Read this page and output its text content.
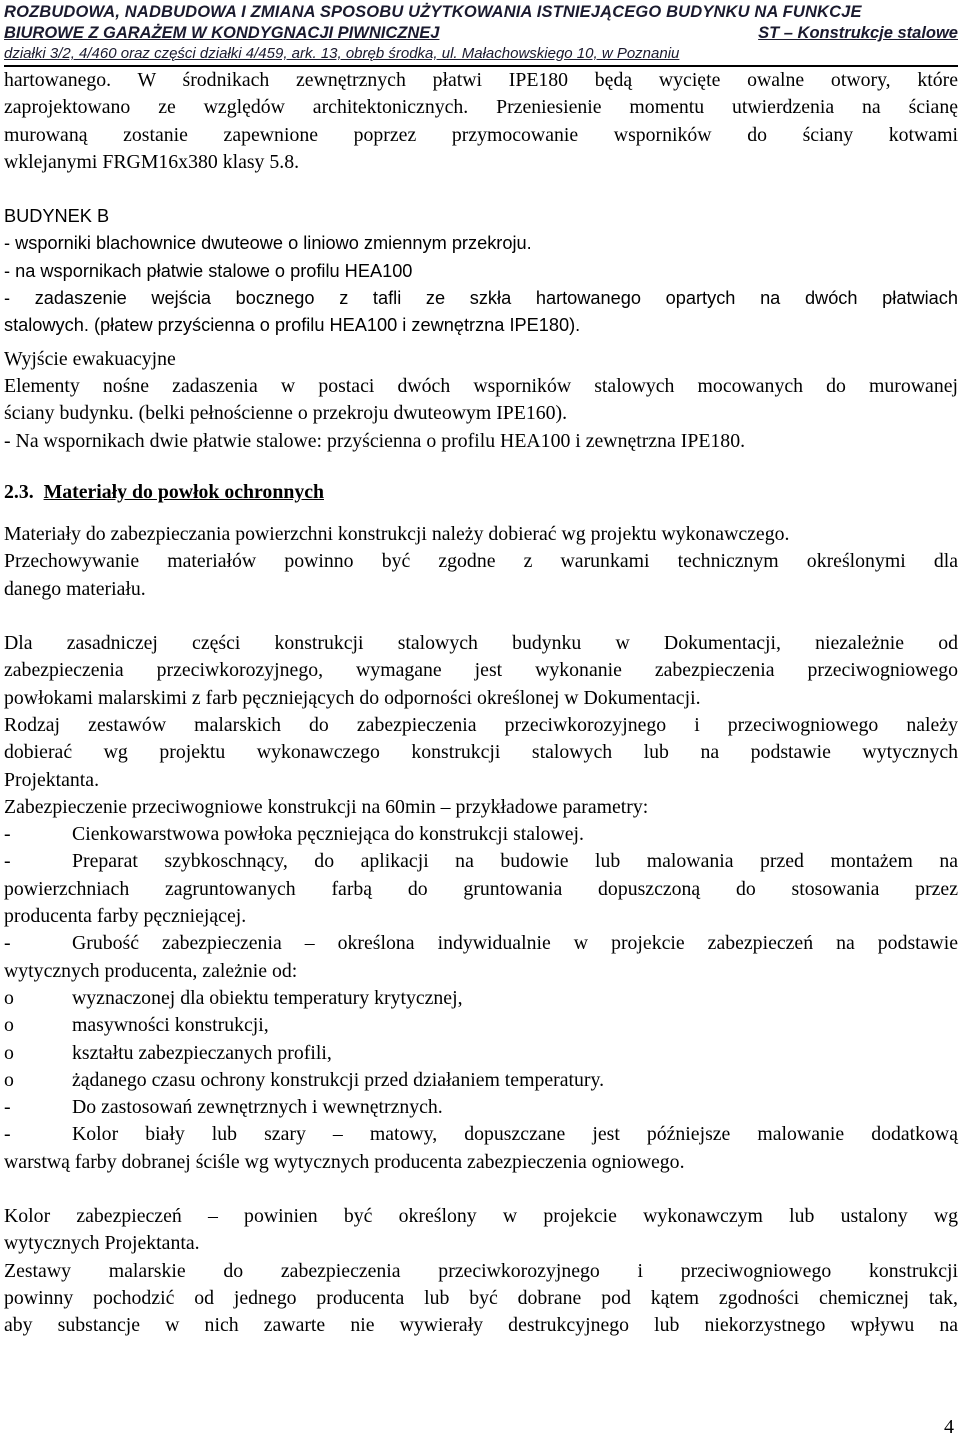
ROZBUDOWA, NADBUDOWA I ZMIANA SPOSOBU UŻYTKOWANIA ISTNIEJĄCEGO BUDYNKU NA FUNKCJE
BIUROWE Z GARAŻEM W KONDYGNACJI PIWNICZNEJ	ST – Konstrukcje stalowe
działki 3/2, 4/460 oraz części działki 4/459, ark. 13, obręb środka, ul. Małachowskiego 10, w Poznaniu

hartowanego. W środnikach zewnętrznych płatwi IPE180 będą wycięte owalne otwory, które

zaprojektowano ze względów architektonicznych. Przeniesienie momentu utwierdzenia na ścianę

murowaną zostanie zapewnione poprzez przymocowanie wsporników do ściany kotwami

wklejanymi FRGM16x380 klasy 5.8.

BUDYNEK B

- wsporniki blachownice dwuteowe o liniowo zmiennym przekroju.

- na wspornikach płatwie stalowe o profilu HEA100

- zadaszenie wejścia bocznego z tafli ze szkła hartowanego opartych na dwóch płatwiach

stalowych. (płatew przyścienna o profilu HEA100 i zewnętrzna IPE180).

Wyjście ewakuacyjne

Elementy nośne zadaszenia w postaci dwóch wsporników stalowych mocowanych do murowanej

ściany budynku. (belki pełnościenne o przekroju dwuteowym IPE160).

- Na wspornikach dwie płatwie stalowe: przyścienna o profilu HEA100 i zewnętrzna IPE180.

2.3. Materiały do powłok ochronnych

Materiały do zabezpieczania powierzchni konstrukcji należy dobierać wg projektu wykonawczego.

Przechowywanie materiałów powinno być zgodne z warunkami technicznym określonymi dla

danego materiału.

Dla zasadniczej części konstrukcji stalowych budynku w Dokumentacji, niezależnie od

zabezpieczenia przeciwkorozyjnego, wymagane jest wykonanie zabezpieczenia przeciwogniowego

powłokami malarskimi z farb pęczniejących do odporności określonej w Dokumentacji.

Rodzaj zestawów malarskich do zabezpieczenia przeciwkorozyjnego i przeciwogniowego należy

dobierać wg projektu wykonawczego konstrukcji stalowych lub na podstawie wytycznych

Projektanta.

Zabezpieczenie przeciwogniowe konstrukcji na 60min – przykładowe parametry:

-	Cienkowarstwowa powłoka pęczniejąca do konstrukcji stalowej.
-	Preparat szybkoschnący, do aplikacji na budowie lub malowania przed montażem na

powierzchniach zagruntowanych farbą do gruntowania dopuszczoną do stosowania przez

producenta farby pęczniejącej.

-	Grubość zabezpieczenia – określona indywidualnie w projekcie zabezpieczeń na podstawie

wytycznych producenta, zależnie od:

o	wyznaczonej dla obiektu temperatury krytycznej,
o	masywności konstrukcji,
o	kształtu zabezpieczanych profili,
o	żądanego czasu ochrony konstrukcji przed działaniem temperatury.
-	Do zastosowań zewnętrznych i wewnętrznych.
-	Kolor biały lub szary – matowy, dopuszczane jest późniejsze malowanie dodatkową

warstwą farby dobranej ściśle wg wytycznych producenta zabezpieczenia ogniowego.

Kolor zabezpieczeń – powinien być określony w projekcie wykonawczym lub ustalony wg

wytycznych Projektanta.

Zestawy malarskie do zabezpieczenia przeciwkorozyjnego i przeciwogniowego konstrukcji

powinny pochodzić od jednego producenta lub być dobrane pod kątem zgodności chemicznej tak,

aby substancje w nich zawarte nie wywierały destrukcyjnego lub niekorzystnego wpływu na

4
